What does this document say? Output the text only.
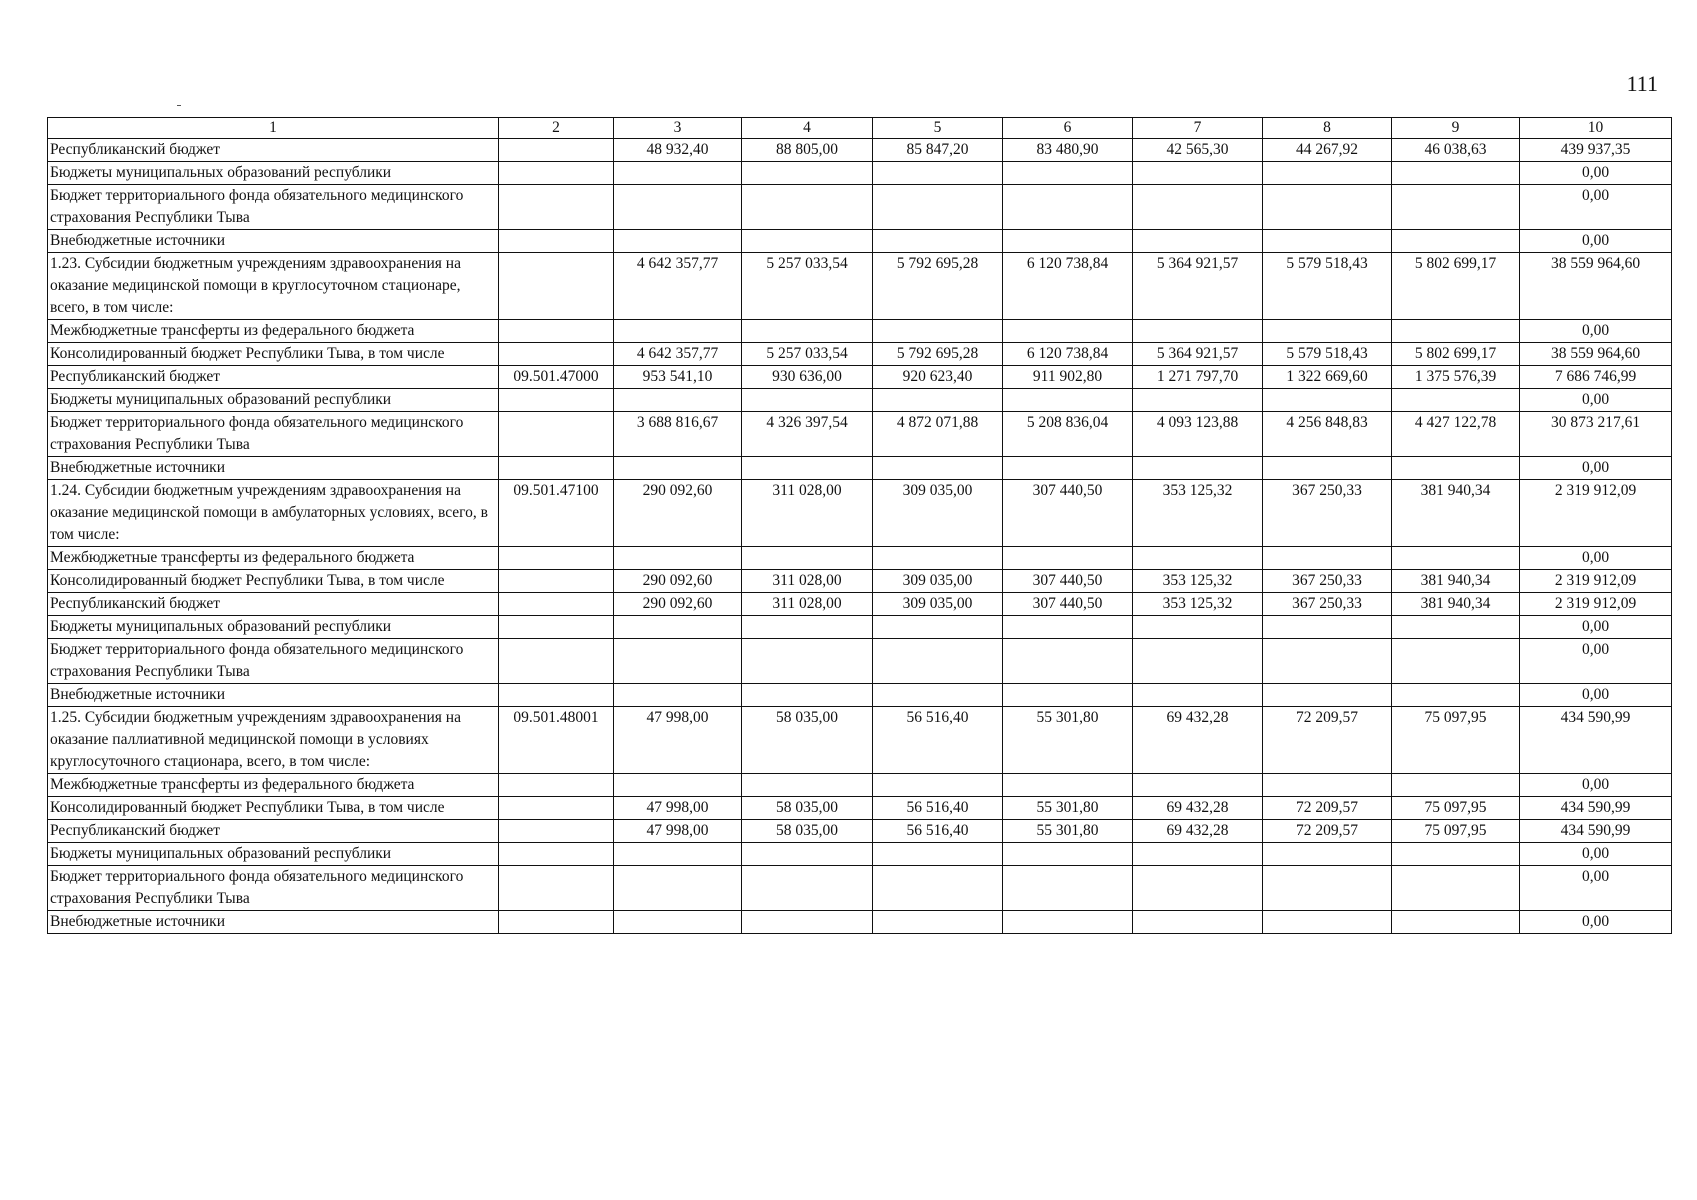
111
1	2	3	4	5	6	7	8	9	10
Республиканский бюджет		48 932,40	88 805,00	85 847,20	83 480,90	42 565,30	44 267,92	46 038,63	439 937,35
Бюджеты муниципальных образований республики									0,00
Бюджет территориального фонда обязательного медицинского страхования Республики Тыва									0,00
Внебюджетные источники									0,00
1.23. Субсидии бюджетным учреждениям здравоохранения на оказание медицинской помощи в круглосуточном стационаре, всего, в том числе:		4 642 357,77	5 257 033,54	5 792 695,28	6 120 738,84	5 364 921,57	5 579 518,43	5 802 699,17	38 559 964,60
Межбюджетные трансферты из федерального бюджета									0,00
Консолидированный бюджет Республики Тыва, в том числе		4 642 357,77	5 257 033,54	5 792 695,28	6 120 738,84	5 364 921,57	5 579 518,43	5 802 699,17	38 559 964,60
Республиканский бюджет	09.501.47000	953 541,10	930 636,00	920 623,40	911 902,80	1 271 797,70	1 322 669,60	1 375 576,39	7 686 746,99
Бюджеты муниципальных образований республики									0,00
Бюджет территориального фонда обязательного медицинского страхования Республики Тыва		3 688 816,67	4 326 397,54	4 872 071,88	5 208 836,04	4 093 123,88	4 256 848,83	4 427 122,78	30 873 217,61
Внебюджетные источники									0,00
1.24. Субсидии бюджетным учреждениям здравоохранения на оказание медицинской помощи в амбулаторных условиях, всего, в том числе:	09.501.47100	290 092,60	311 028,00	309 035,00	307 440,50	353 125,32	367 250,33	381 940,34	2 319 912,09
Межбюджетные трансферты из федерального бюджета									0,00
Консолидированный бюджет Республики Тыва, в том числе		290 092,60	311 028,00	309 035,00	307 440,50	353 125,32	367 250,33	381 940,34	2 319 912,09
Республиканский бюджет		290 092,60	311 028,00	309 035,00	307 440,50	353 125,32	367 250,33	381 940,34	2 319 912,09
Бюджеты муниципальных образований республики									0,00
Бюджет территориального фонда обязательного медицинского страхования Республики Тыва									0,00
Внебюджетные источники									0,00
1.25. Субсидии бюджетным учреждениям здравоохранения на оказание паллиативной медицинской помощи в условиях круглосуточного стационара, всего, в том числе:	09.501.48001	47 998,00	58 035,00	56 516,40	55 301,80	69 432,28	72 209,57	75 097,95	434 590,99
Межбюджетные трансферты из федерального бюджета									0,00
Консолидированный бюджет Республики Тыва, в том числе		47 998,00	58 035,00	56 516,40	55 301,80	69 432,28	72 209,57	75 097,95	434 590,99
Республиканский бюджет		47 998,00	58 035,00	56 516,40	55 301,80	69 432,28	72 209,57	75 097,95	434 590,99
Бюджеты муниципальных образований республики									0,00
Бюджет территориального фонда обязательного медицинского страхования Республики Тыва									0,00
Внебюджетные источники									0,00
